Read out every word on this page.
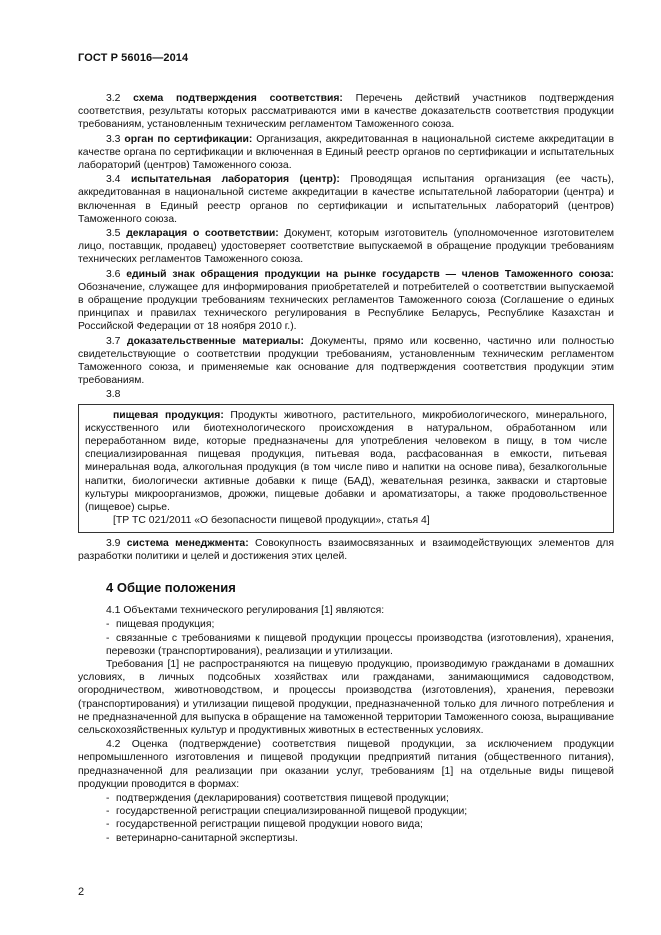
ГОСТ Р 56016—2014
3.2 схема подтверждения соответствия: Перечень действий участников подтверждения соответствия, результаты которых рассматриваются ими в качестве доказательств соответствия продукции требованиям, установленным техническим регламентом Таможенного союза.
3.3 орган по сертификации: Организация, аккредитованная в национальной системе аккредитации в качестве органа по сертификации и включенная в Единый реестр органов по сертификации и испытательных лабораторий (центров) Таможенного союза.
3.4 испытательная лаборатория (центр): Проводящая испытания организация (ее часть), аккредитованная в национальной системе аккредитации в качестве испытательной лаборатории (центра) и включенная в Единый реестр органов по сертификации и испытательных лабораторий (центров) Таможенного союза.
3.5 декларация о соответствии: Документ, которым изготовитель (уполномоченное изготовителем лицо, поставщик, продавец) удостоверяет соответствие выпускаемой в обращение продукции требованиям технических регламентов Таможенного союза.
3.6 единый знак обращения продукции на рынке государств — членов Таможенного союза: Обозначение, служащее для информирования приобретателей и потребителей о соответствии выпускаемой в обращение продукции требованиям технических регламентов Таможенного союза (Соглашение о единых принципах и правилах технического регулирования в Республике Беларусь, Республике Казахстан и Российской Федерации от 18 ноября 2010 г.).
3.7 доказательственные материалы: Документы, прямо или косвенно, частично или полностью свидетельствующие о соответствии продукции требованиям, установленным техническим регламентом Таможенного союза, и применяемые как основание для подтверждения соответствия продукции этим требованиям.
3.8
пищевая продукция: Продукты животного, растительного, микробиологического, минерального, искусственного или биотехнологического происхождения в натуральном, обработанном или переработанном виде, которые предназначены для употребления человеком в пищу, в том числе специализированная пищевая продукция, питьевая вода, расфасованная в емкости, питьевая минеральная вода, алкогольная продукция (в том числе пиво и напитки на основе пива), безалкогольные напитки, биологически активные добавки к пище (БАД), жевательная резинка, закваски и стартовые культуры микроорганизмов, дрожжи, пищевые добавки и ароматизаторы, а также продовольственное (пищевое) сырье.
[ТР ТС 021/2011 «О безопасности пищевой продукции», статья 4]
3.9 система менеджмента: Совокупность взаимосвязанных и взаимодействующих элементов для разработки политики и целей и достижения этих целей.
4 Общие положения
4.1 Объектами технического регулирования [1] являются:
- пищевая продукция;
- связанные с требованиями к пищевой продукции процессы производства (изготовления), хранения, перевозки (транспортирования), реализации и утилизации.
Требования [1] не распространяются на пищевую продукцию, производимую гражданами в домашних условиях, в личных подсобных хозяйствах или гражданами, занимающимися садоводством, огородничеством, животноводством, и процессы производства (изготовления), хранения, перевозки (транспортирования) и утилизации пищевой продукции, предназначенной только для личного потребления и не предназначенной для выпуска в обращение на таможенной территории Таможенного союза, выращивание сельскохозяйственных культур и продуктивных животных в естественных условиях.
4.2 Оценка (подтверждение) соответствия пищевой продукции, за исключением продукции непромышленного изготовления и пищевой продукции предприятий питания (общественного питания), предназначенной для реализации при оказании услуг, требованиям [1] на отдельные виды пищевой продукции проводится в формах:
- подтверждения (декларирования) соответствия пищевой продукции;
- государственной регистрации специализированной пищевой продукции;
- государственной регистрации пищевой продукции нового вида;
- ветеринарно-санитарной экспертизы.
2
